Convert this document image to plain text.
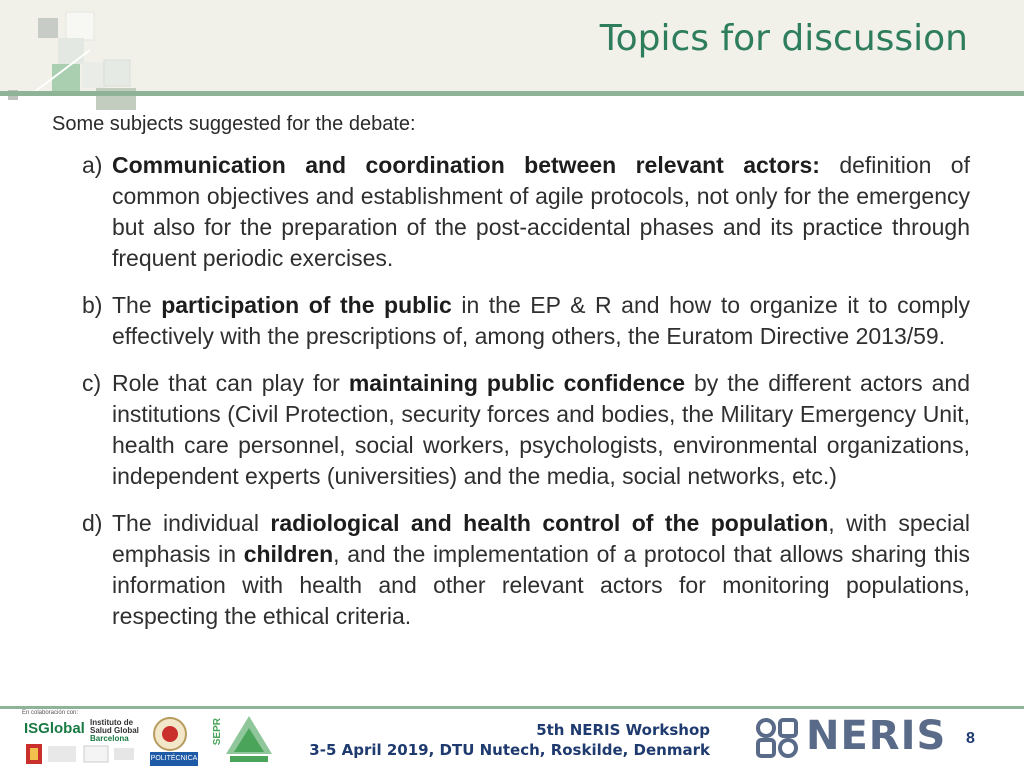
Topics for discussion
Some subjects suggested for the debate:
a) Communication and coordination between relevant actors: definition of common objectives and establishment of agile protocols, not only for the emergency but also for the preparation of the post-accidental phases and its practice through frequent periodic exercises.
b) The participation of the public in the EP & R and how to organize it to comply effectively with the prescriptions of, among others, the Euratom Directive 2013/59.
c) Role that can play for maintaining public confidence by the different actors and institutions (Civil Protection, security forces and bodies, the Military Emergency Unit, health care personnel, social workers, psychologists, environmental organizations, independent experts (universities) and the media, social networks, etc.)
d) The individual radiological and health control of the population, with special emphasis in children, and the implementation of a protocol that allows sharing this information with health and other relevant actors for monitoring populations, respecting the ethical criteria.
En colaboración con:
ISGlobal Instituto de
Salud Global
Barcelona
POLITÉCNICA
SEPR	5th NERIS Workshop
3-5 April 2019, DTU Nutech, Roskilde, Denmark NERIS 8
